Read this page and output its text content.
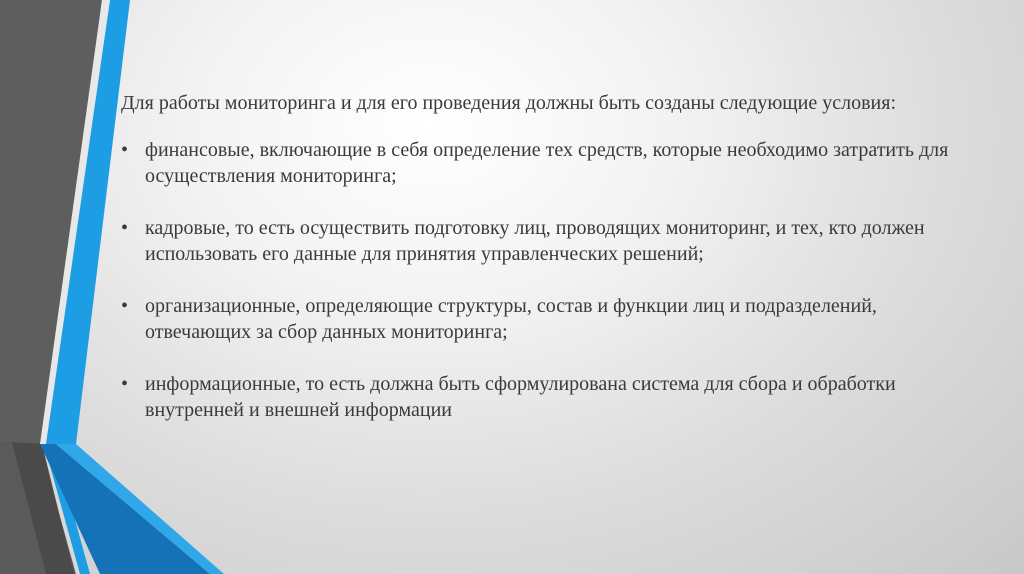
Для работы мониторинга и для его проведения должны быть созданы следующие условия:

• финансовые, включающие в себя определение тех средств, которые необходимо затратить для осуществления мониторинга;
• кадровые, то есть осуществить подготовку лиц, проводящих мониторинг, и тех, кто должен использовать его данные для принятия управленческих решений;
• организационные, определяющие структуры, состав и функции лиц и подразделений, отвечающих за сбор данных мониторинга;
• информационные, то есть должна быть сформулирована система для сбора и обработки внутренней и внешней информации
